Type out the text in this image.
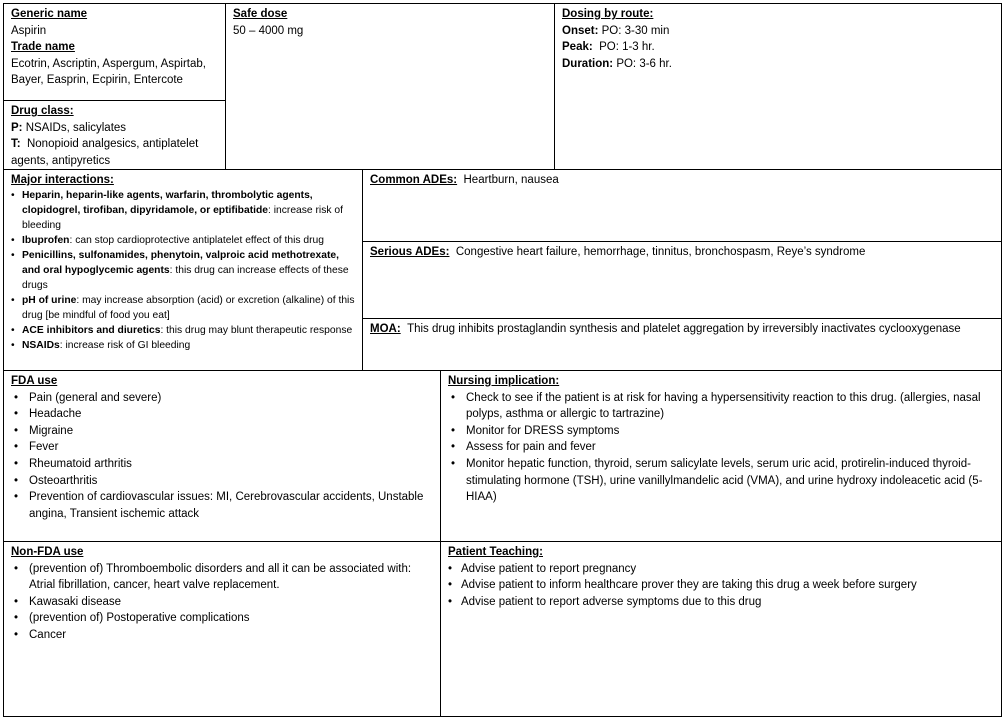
Generic name
Aspirin
Trade name
Ecotrin, Ascriptin, Aspergum, Aspirtab, Bayer, Easprin, Ecpirin, Entercote
Drug class:
P: NSAIDs, salicylates
T: Nonopioid analgesics, antiplatelet agents, antipyretics
Safe dose
50 – 4000 mg
Dosing by route:
Onset: PO: 3-30 min
Peak: PO: 1-3 hr.
Duration: PO: 3-6 hr.
Major interactions:
• Heparin, heparin-like agents, warfarin, thrombolytic agents, clopidogrel, tirofiban, dipyridamole, or eptifibatide: increase risk of bleeding
• Ibuprofen: can stop cardioprotective antiplatelet effect of this drug
• Penicillins, sulfonamides, phenytoin, valproic acid methotrexate, and oral hypoglycemic agents: this drug can increase effects of these drugs
• pH of urine: may increase absorption (acid) or excretion (alkaline) of this drug [be mindful of food you eat]
• ACE inhibitors and diuretics: this drug may blunt therapeutic response
• NSAIDs: increase risk of GI bleeding
Common ADEs: Heartburn, nausea
Serious ADEs: Congestive heart failure, hemorrhage, tinnitus, bronchospasm, Reye’s syndrome
MOA: This drug inhibits prostaglandin synthesis and platelet aggregation by irreversibly inactivates cyclooxygenase
FDA use
• Pain (general and severe)
• Headache
• Migraine
• Fever
• Rheumatoid arthritis
• Osteoarthritis
• Prevention of cardiovascular issues: MI, Cerebrovascular accidents, Unstable angina, Transient ischemic attack
Nursing implication:
• Check to see if the patient is at risk for having a hypersensitivity reaction to this drug. (allergies, nasal polyps, asthma or allergic to tartrazine)
• Monitor for DRESS symptoms
• Assess for pain and fever
• Monitor hepatic function, thyroid, serum salicylate levels, serum uric acid, protirelin-induced thyroid-stimulating hormone (TSH), urine vanillylmandelic acid (VMA), and urine hydroxy indoleacetic acid (5-HIAA)
Non-FDA use
• (prevention of) Thromboembolic disorders and all it can be associated with: Atrial fibrillation, cancer, heart valve replacement.
• Kawasaki disease
• (prevention of) Postoperative complications
• Cancer
Patient Teaching:
• Advise patient to report pregnancy
• Advise patient to inform healthcare prover they are taking this drug a week before surgery
• Advise patient to report adverse symptoms due to this drug
